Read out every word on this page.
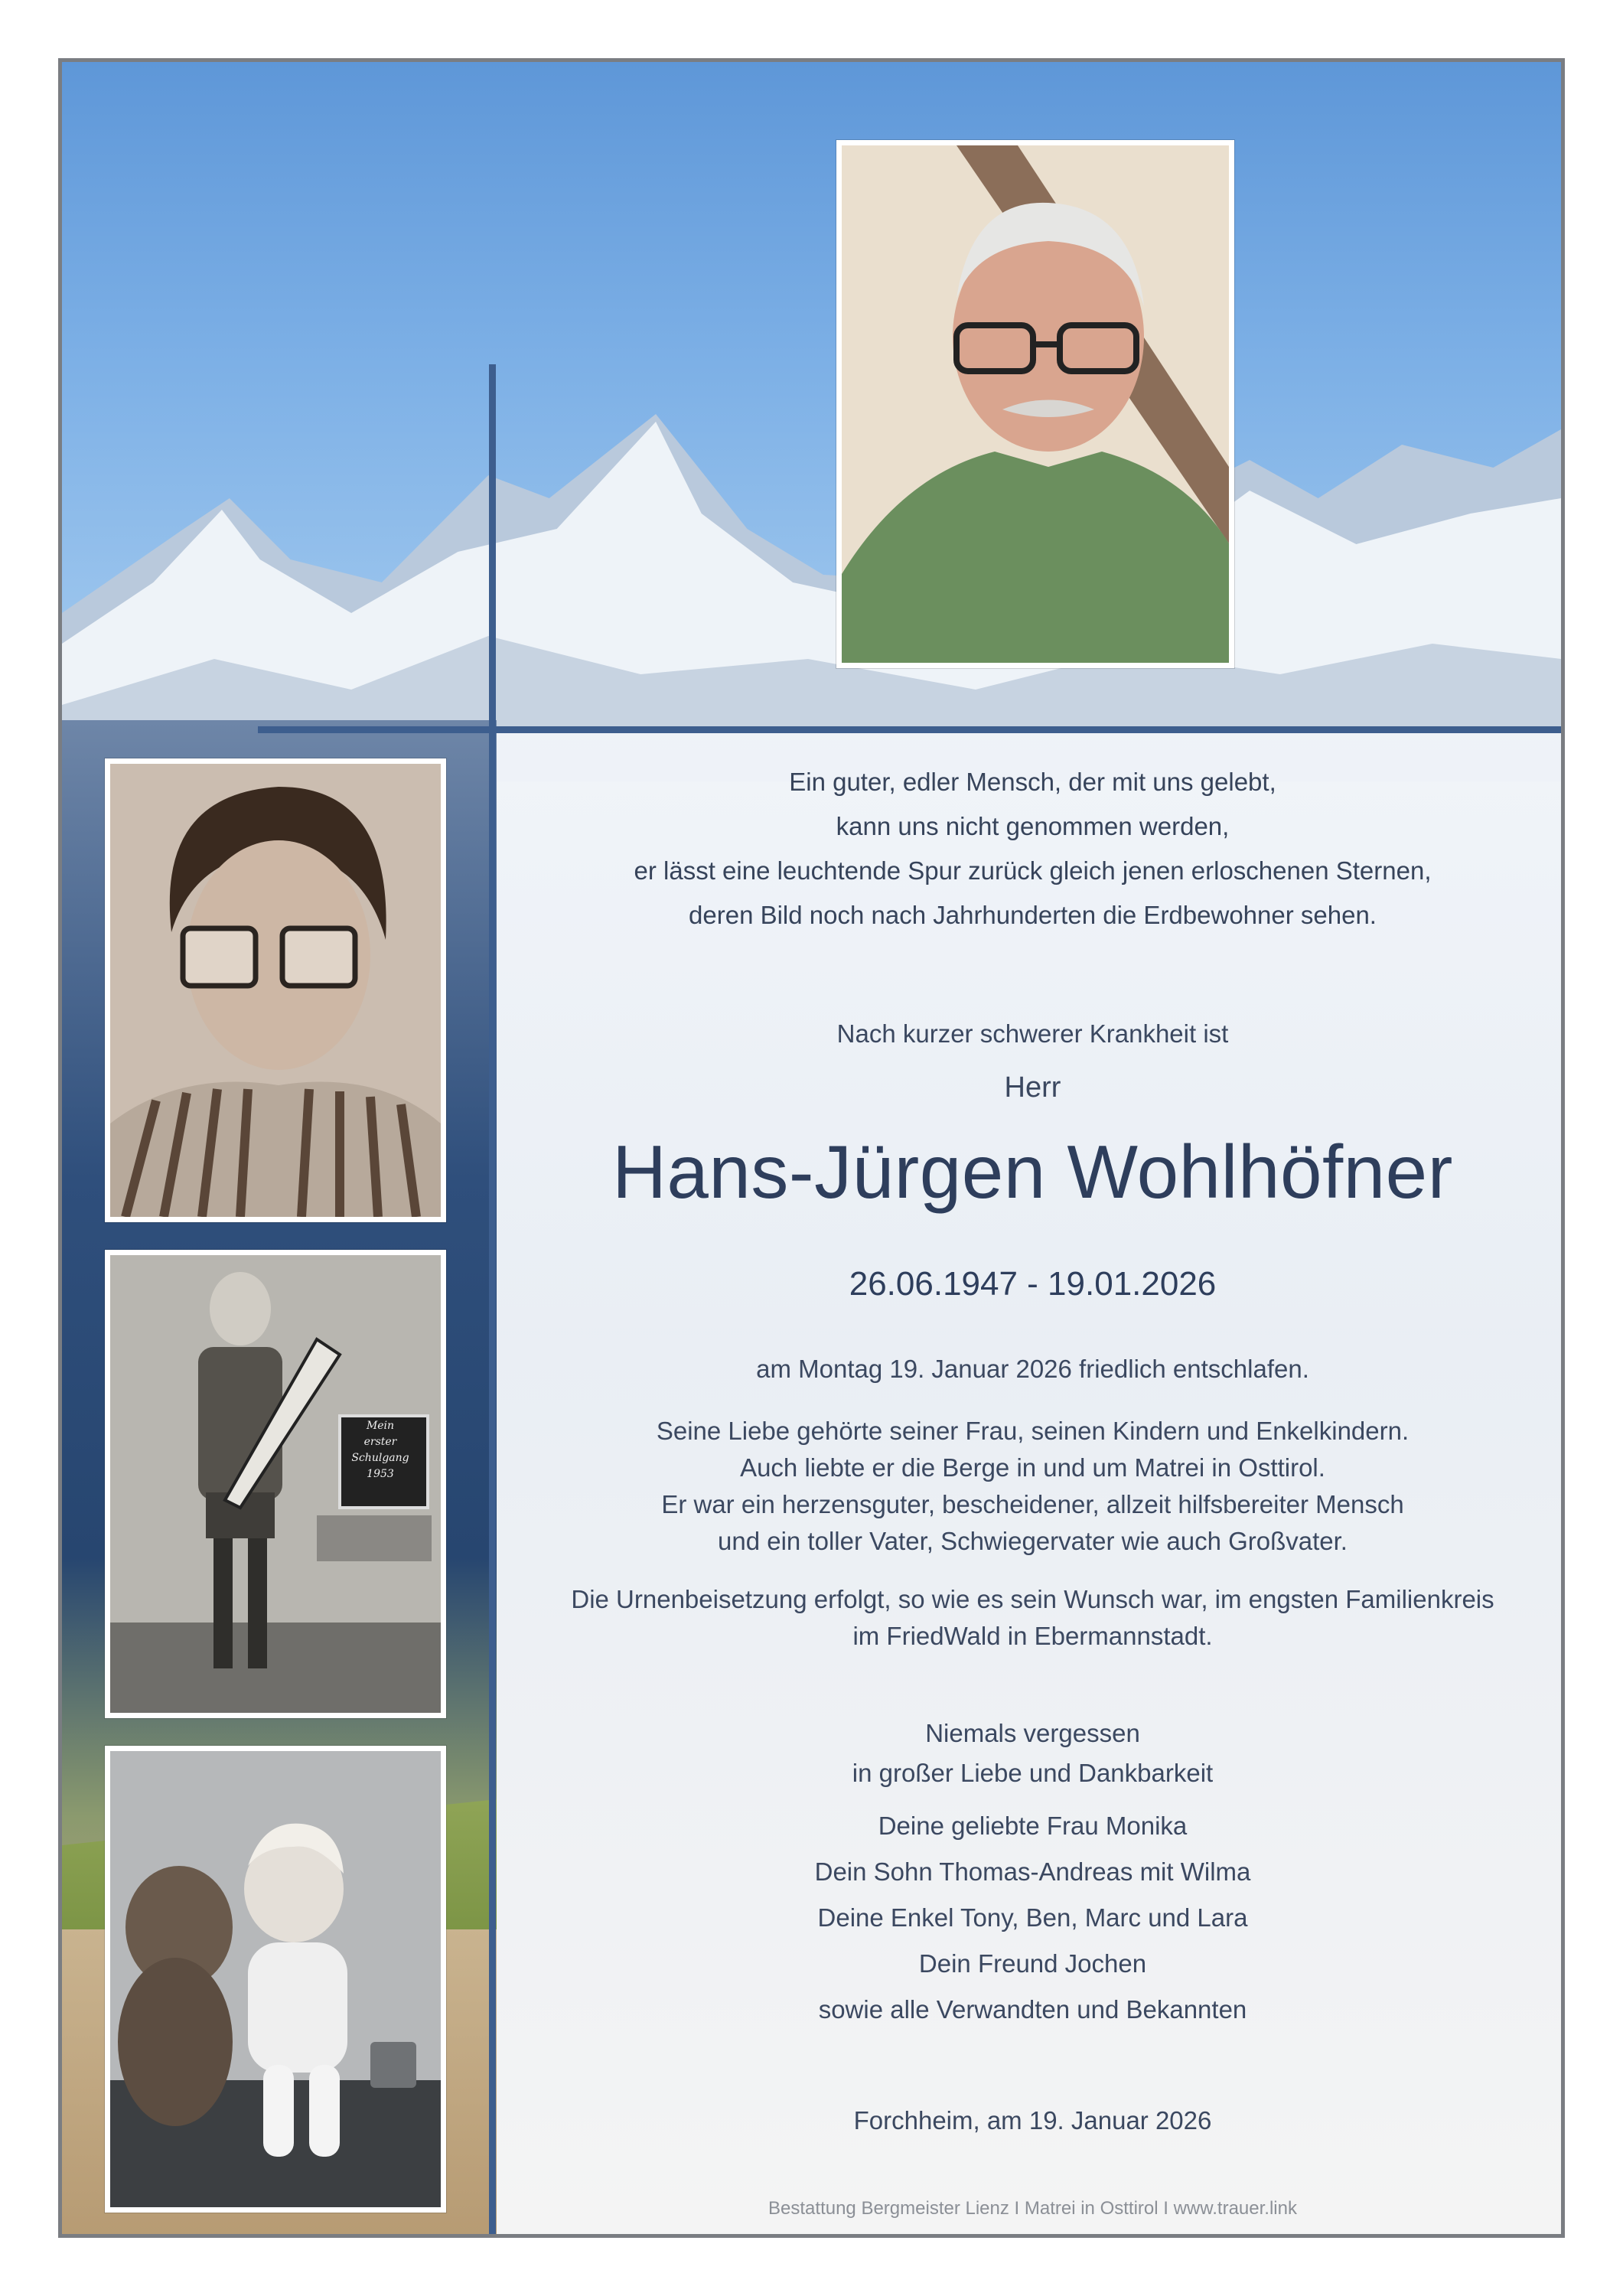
Mein
erster
Schulgang
1953
Ein guter, edler Mensch, der mit uns gelebt,
kann uns nicht genommen werden,
er lässt eine leuchtende Spur zurück gleich jenen erloschenen Sternen,
deren Bild noch nach Jahrhunderten die Erdbewohner sehen.
Nach kurzer schwerer Krankheit ist
Herr
Hans-Jürgen Wohlhöfner
26.06.1947 - 19.01.2026
am Montag 19. Januar 2026 friedlich entschlafen.
Seine Liebe gehörte seiner Frau, seinen Kindern und Enkelkindern.
Auch liebte er die Berge in und um Matrei in Osttirol.
Er war ein herzensguter, bescheidener, allzeit hilfsbereiter Mensch
und ein toller Vater, Schwiegervater wie auch Großvater.
Die Urnenbeisetzung erfolgt, so wie es sein Wunsch war, im engsten Familienkreis
im FriedWald in Ebermannstadt.
Niemals vergessen
in großer Liebe und Dankbarkeit
Deine geliebte Frau Monika
Dein Sohn Thomas-Andreas mit Wilma
Deine Enkel Tony, Ben, Marc und Lara
Dein Freund Jochen
sowie alle Verwandten und Bekannten
Forchheim, am 19. Januar 2026
Bestattung Bergmeister Lienz I Matrei in Osttirol I www.trauer.link
